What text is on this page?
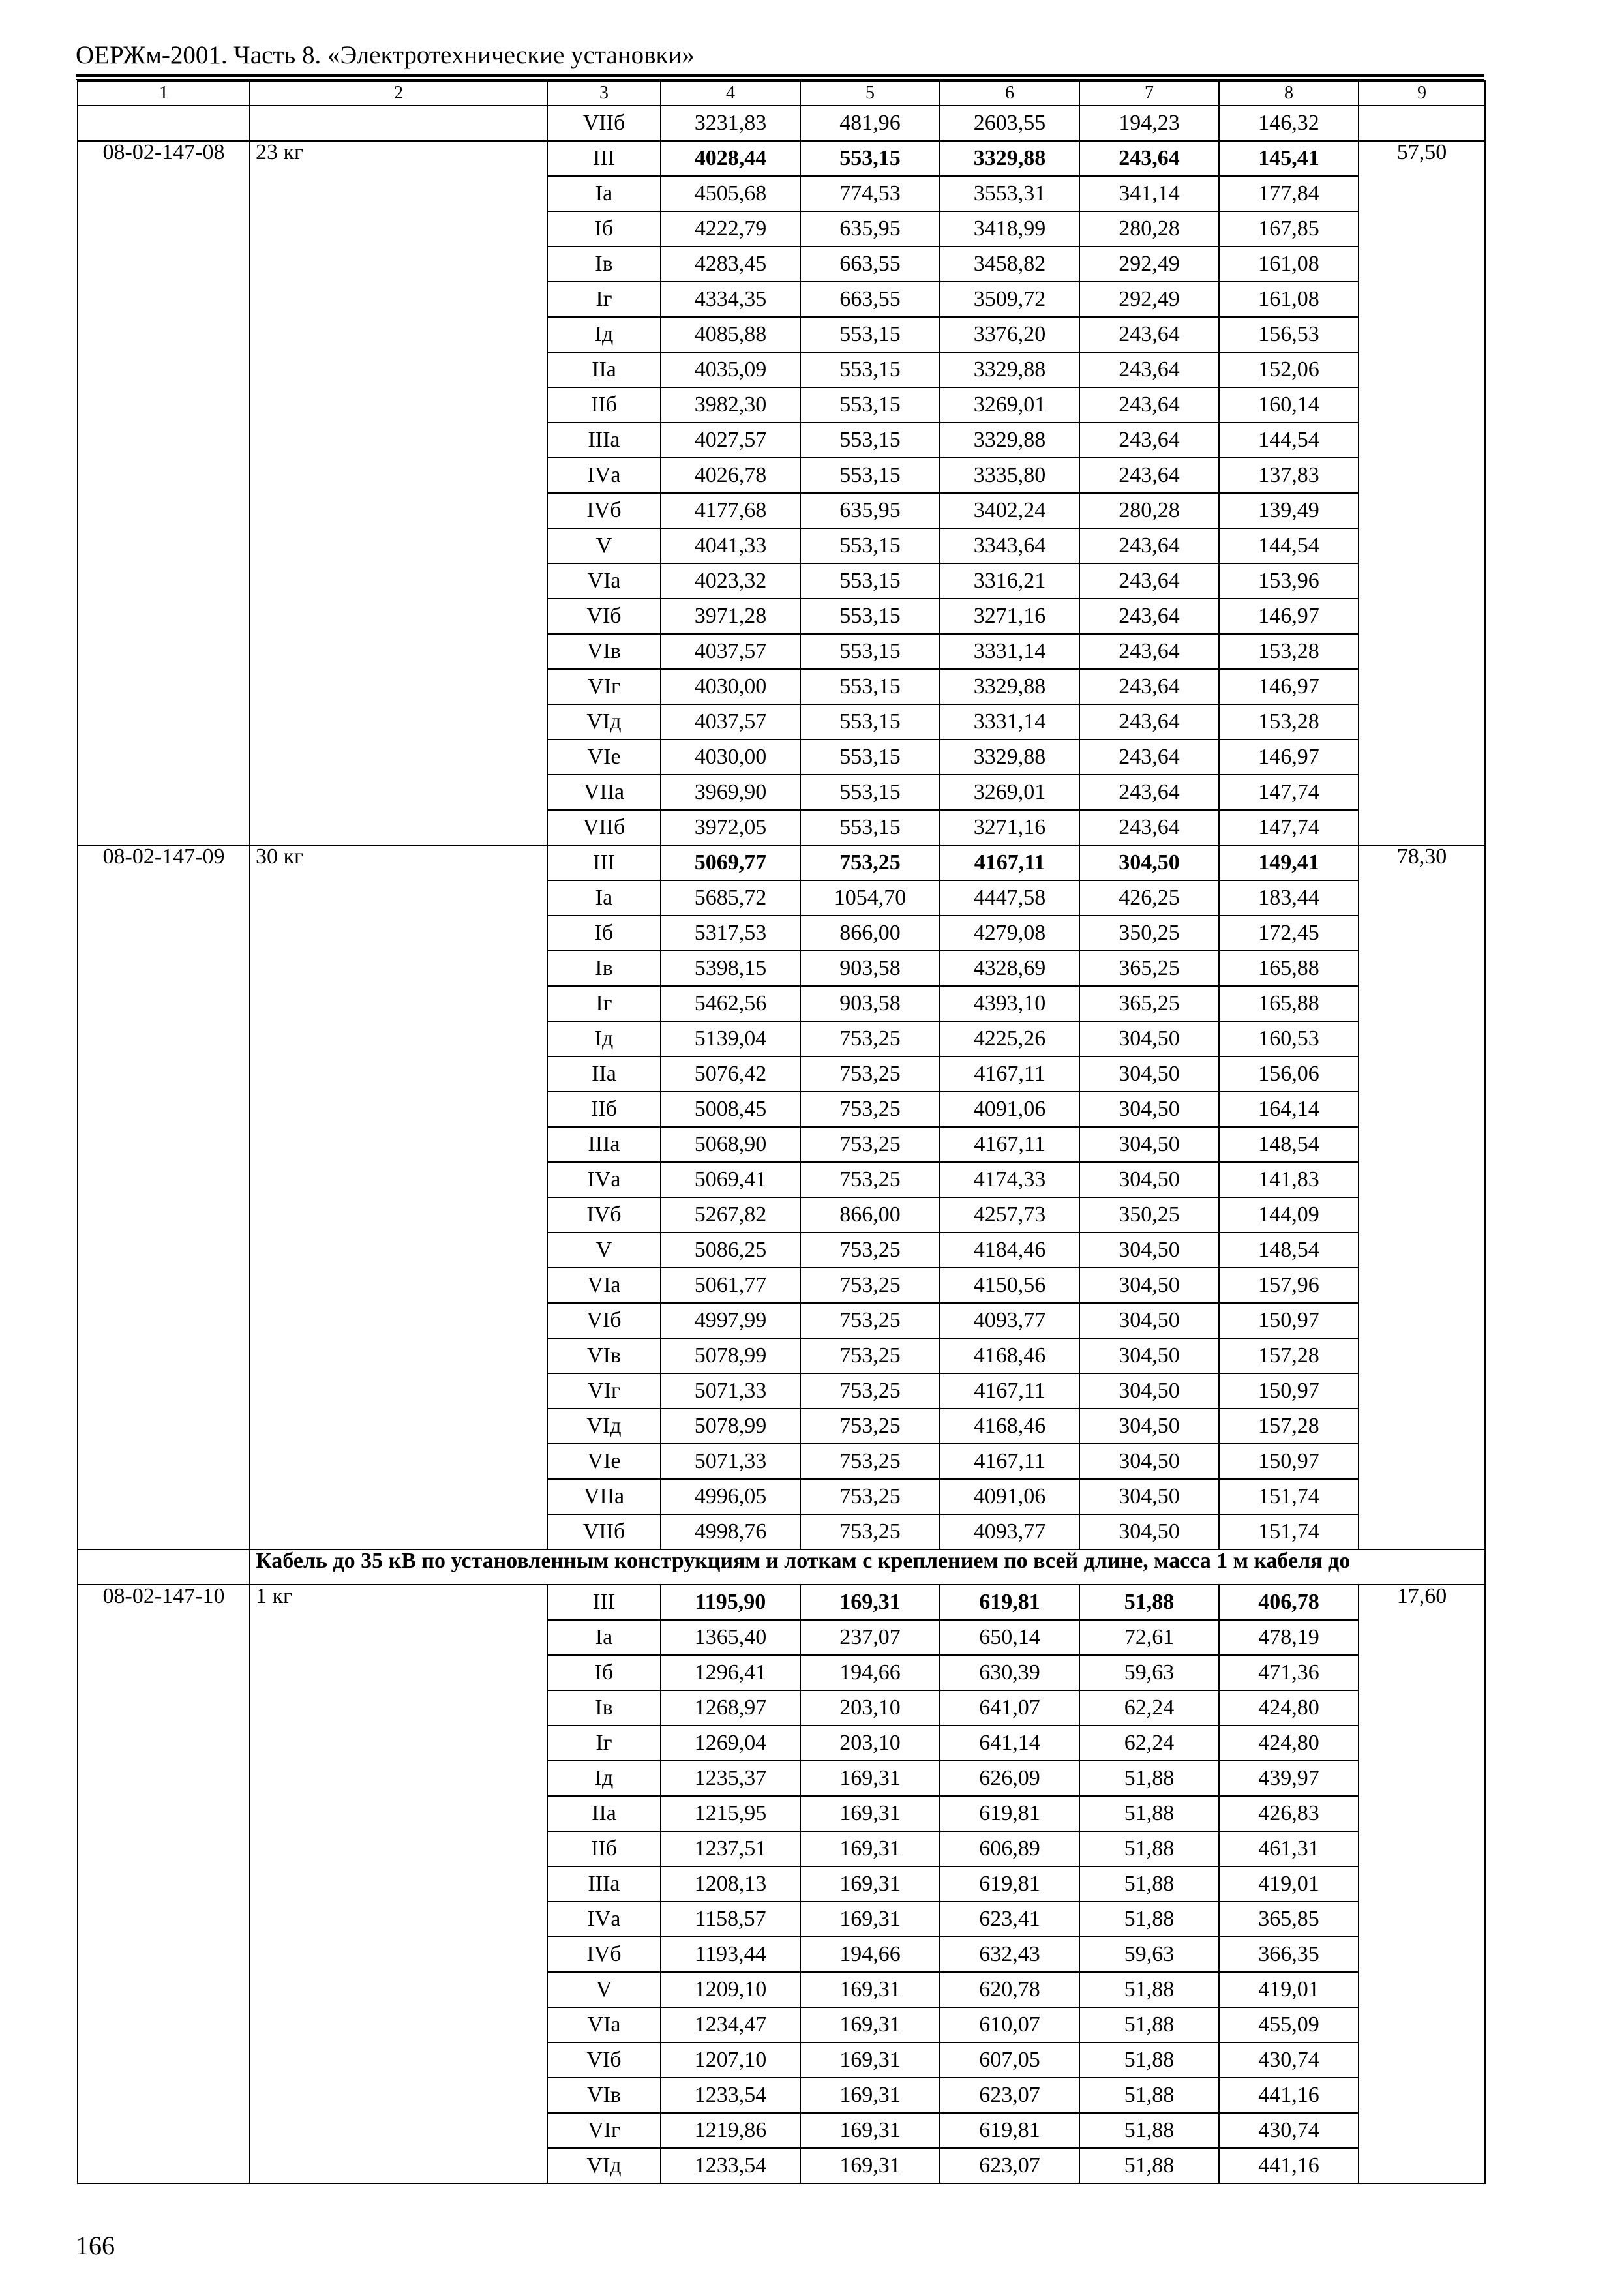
ОЕРЖм-2001. Часть 8. «Электротехнические установки»
1	2	3	4	5	6	7	8	9
		VIIб	3231,83	481,96	2603,55	194,23	146,32	
08-02-147-08	23 кг	III	4028,44	553,15	3329,88	243,64	145,41	57,50
		Iа	4505,68	774,53	3553,31	341,14	177,84	
		Iб	4222,79	635,95	3418,99	280,28	167,85	
		Iв	4283,45	663,55	3458,82	292,49	161,08	
		Iг	4334,35	663,55	3509,72	292,49	161,08	
		Iд	4085,88	553,15	3376,20	243,64	156,53	
		IIа	4035,09	553,15	3329,88	243,64	152,06	
		IIб	3982,30	553,15	3269,01	243,64	160,14	
		IIIа	4027,57	553,15	3329,88	243,64	144,54	
		IVа	4026,78	553,15	3335,80	243,64	137,83	
		IVб	4177,68	635,95	3402,24	280,28	139,49	
		V	4041,33	553,15	3343,64	243,64	144,54	
		VIа	4023,32	553,15	3316,21	243,64	153,96	
		VIб	3971,28	553,15	3271,16	243,64	146,97	
		VIв	4037,57	553,15	3331,14	243,64	153,28	
		VIг	4030,00	553,15	3329,88	243,64	146,97	
		VIд	4037,57	553,15	3331,14	243,64	153,28	
		VIе	4030,00	553,15	3329,88	243,64	146,97	
		VIIа	3969,90	553,15	3269,01	243,64	147,74	
		VIIб	3972,05	553,15	3271,16	243,64	147,74	
08-02-147-09	30 кг	III	5069,77	753,25	4167,11	304,50	149,41	78,30
		Iа	5685,72	1054,70	4447,58	426,25	183,44	
		Iб	5317,53	866,00	4279,08	350,25	172,45	
		Iв	5398,15	903,58	4328,69	365,25	165,88	
		Iг	5462,56	903,58	4393,10	365,25	165,88	
		Iд	5139,04	753,25	4225,26	304,50	160,53	
		IIа	5076,42	753,25	4167,11	304,50	156,06	
		IIб	5008,45	753,25	4091,06	304,50	164,14	
		IIIа	5068,90	753,25	4167,11	304,50	148,54	
		IVа	5069,41	753,25	4174,33	304,50	141,83	
		IVб	5267,82	866,00	4257,73	350,25	144,09	
		V	5086,25	753,25	4184,46	304,50	148,54	
		VIа	5061,77	753,25	4150,56	304,50	157,96	
		VIб	4997,99	753,25	4093,77	304,50	150,97	
		VIв	5078,99	753,25	4168,46	304,50	157,28	
		VIг	5071,33	753,25	4167,11	304,50	150,97	
		VIд	5078,99	753,25	4168,46	304,50	157,28	
		VIе	5071,33	753,25	4167,11	304,50	150,97	
		VIIа	4996,05	753,25	4091,06	304,50	151,74	
		VIIб	4998,76	753,25	4093,77	304,50	151,74	
	Кабель до 35 кВ по установленным конструкциям и лоткам с креплением по всей длине, масса 1 м кабеля до							
08-02-147-10	1 кг	III	1195,90	169,31	619,81	51,88	406,78	17,60
		Iа	1365,40	237,07	650,14	72,61	478,19	
		Iб	1296,41	194,66	630,39	59,63	471,36	
		Iв	1268,97	203,10	641,07	62,24	424,80	
		Iг	1269,04	203,10	641,14	62,24	424,80	
		Iд	1235,37	169,31	626,09	51,88	439,97	
		IIа	1215,95	169,31	619,81	51,88	426,83	
		IIб	1237,51	169,31	606,89	51,88	461,31	
		IIIа	1208,13	169,31	619,81	51,88	419,01	
		IVа	1158,57	169,31	623,41	51,88	365,85	
		IVб	1193,44	194,66	632,43	59,63	366,35	
		V	1209,10	169,31	620,78	51,88	419,01	
		VIа	1234,47	169,31	610,07	51,88	455,09	
		VIб	1207,10	169,31	607,05	51,88	430,74	
		VIв	1233,54	169,31	623,07	51,88	441,16	
		VIг	1219,86	169,31	619,81	51,88	430,74	
		VIд	1233,54	169,31	623,07	51,88	441,16	
166
